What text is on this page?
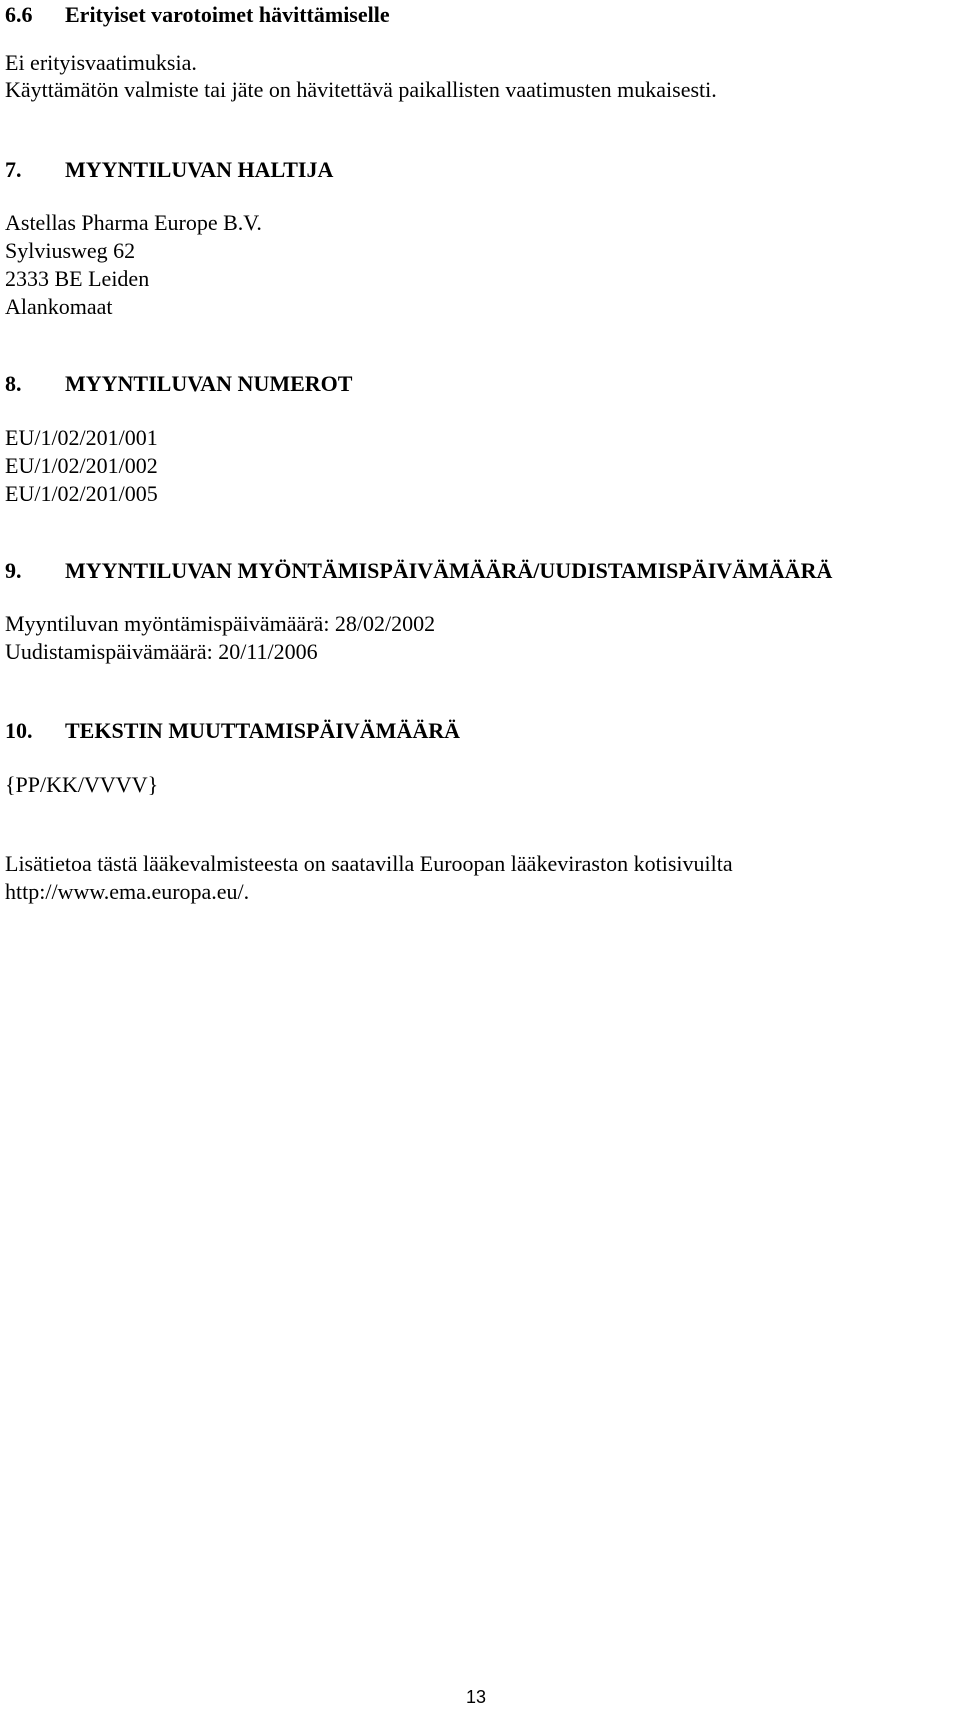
6.6 Erityiset varotoimet hävittämiselle
Ei erityisvaatimuksia.
Käyttämätön valmiste tai jäte on hävitettävä paikallisten vaatimusten mukaisesti.
7. MYYNTILUVAN HALTIJA
Astellas Pharma Europe B.V.
Sylviusweg 62
2333 BE Leiden
Alankomaat
8. MYYNTILUVAN NUMEROT
EU/1/02/201/001
EU/1/02/201/002
EU/1/02/201/005
9. MYYNTILUVAN MYÖNTÄMISPÄIVÄMÄÄRÄ/UUDISTAMISPÄIVÄMÄÄRÄ
Myyntiluvan myöntämispäivämäärä: 28/02/2002
Uudistamispäivämäärä: 20/11/2006
10. TEKSTIN MUUTTAMISPÄIVÄMÄÄRÄ
{PP/KK/VVVV}
Lisätietoa tästä lääkevalmisteesta on saatavilla Euroopan lääkeviraston kotisivuilta
http://www.ema.europa.eu/.
13
